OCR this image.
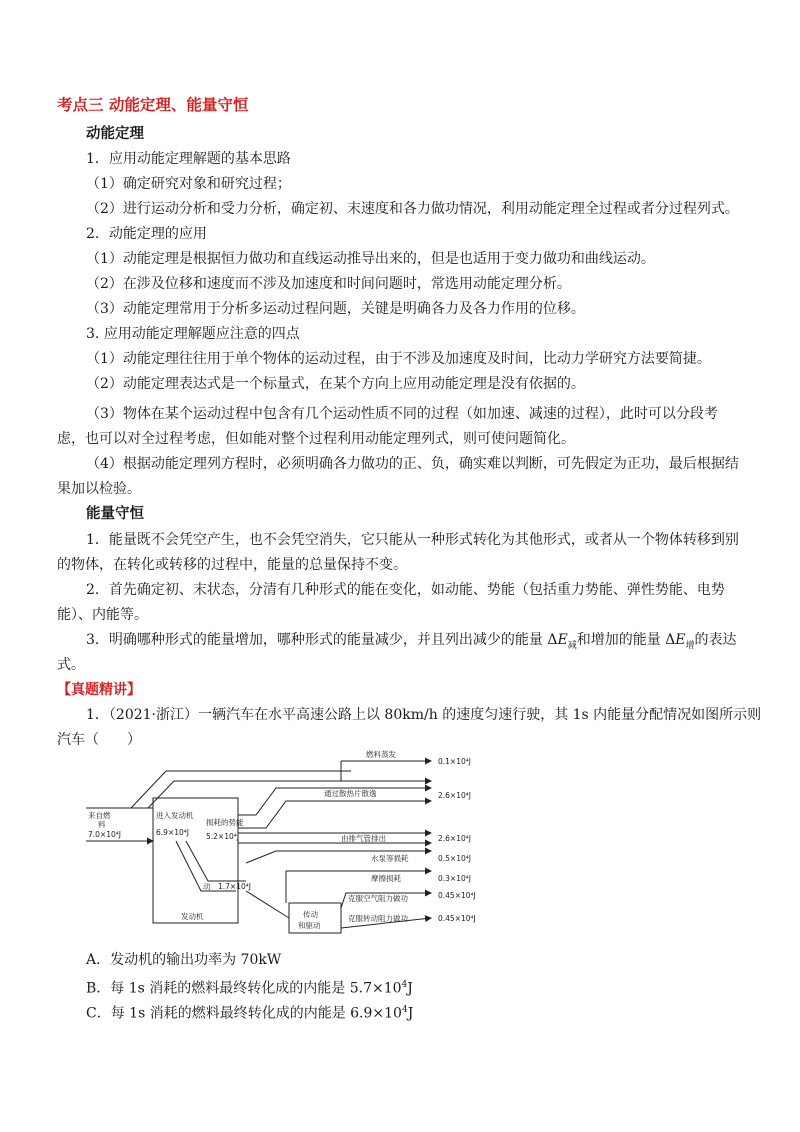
考点三 动能定理、能量守恒
动能定理
1．应用动能定理解题的基本思路
（1）确定研究对象和研究过程；
（2）进行运动分析和受力分析，确定初、末速度和各力做功情况，利用动能定理全过程或者分过程列式。
2．动能定理的应用
（1）动能定理是根据恒力做功和直线运动推导出来的，但是也适用于变力做功和曲线运动。
（2）在涉及位移和速度而不涉及加速度和时间问题时，常选用动能定理分析。
（3）动能定理常用于分析多运动过程问题，关键是明确各力及各力作用的位移。
3. 应用动能定理解题应注意的四点
（1）动能定理往往用于单个物体的运动过程，由于不涉及加速度及时间，比动力学研究方法要简捷。
（2）动能定理表达式是一个标量式，在某个方向上应用动能定理是没有依据的。
（3）物体在某个运动过程中包含有几个运动性质不同的过程（如加速、减速的过程），此时可以分段考
虑，也可以对全过程考虑，但如能对整个过程利用动能定理列式，则可使问题简化。
（4）根据动能定理列方程时，必须明确各力做功的正、负，确实难以判断，可先假定为正功，最后根据结
果加以检验。
能量守恒
1．能量既不会凭空产生，也不会凭空消失，它只能从一种形式转化为其他形式，或者从一个物体转移到别
的物体，在转化或转移的过程中，能量的总量保持不变。
2．首先确定初、末状态，分清有几种形式的能在变化，如动能、势能（包括重力势能、弹性势能、电势
能）、内能等。
3．明确哪种形式的能量增加，哪种形式的能量减少，并且列出减少的能量 $\Delta E_减$和增加的能量 $\Delta E_增$的表达
式。
【真题精讲】
1．（2021·浙江）一辆汽车在水平高速公路上以 80km/h 的速度匀速行驶，其 1s 内能量分配情况如图所示则
汽车（　　）
来自燃
料
7.0×10⁴J
进入发动机
6.9×10⁴J
损耗的势能
5.2×10⁴J
动 1.7×10⁴J
发动机	传动
和驱动
燃料蒸发
0.1×10⁴J
通过散热片散逸	2.6×10⁴J
由排气管排出	2.6×10⁴J
水泵等损耗	0.5×10⁴J
摩擦损耗	0.3×10⁴J
克服空气阻力做功	0.45×10⁴J
克服转动阻力做功	0.45×10⁴J
A．发动机的输出功率为 70kW
B．每 1s 消耗的燃料最终转化成的内能是 $5.7\times 10^4J$
C．每 1s 消耗的燃料最终转化成的内能是 $6.9\times 10^4J$
